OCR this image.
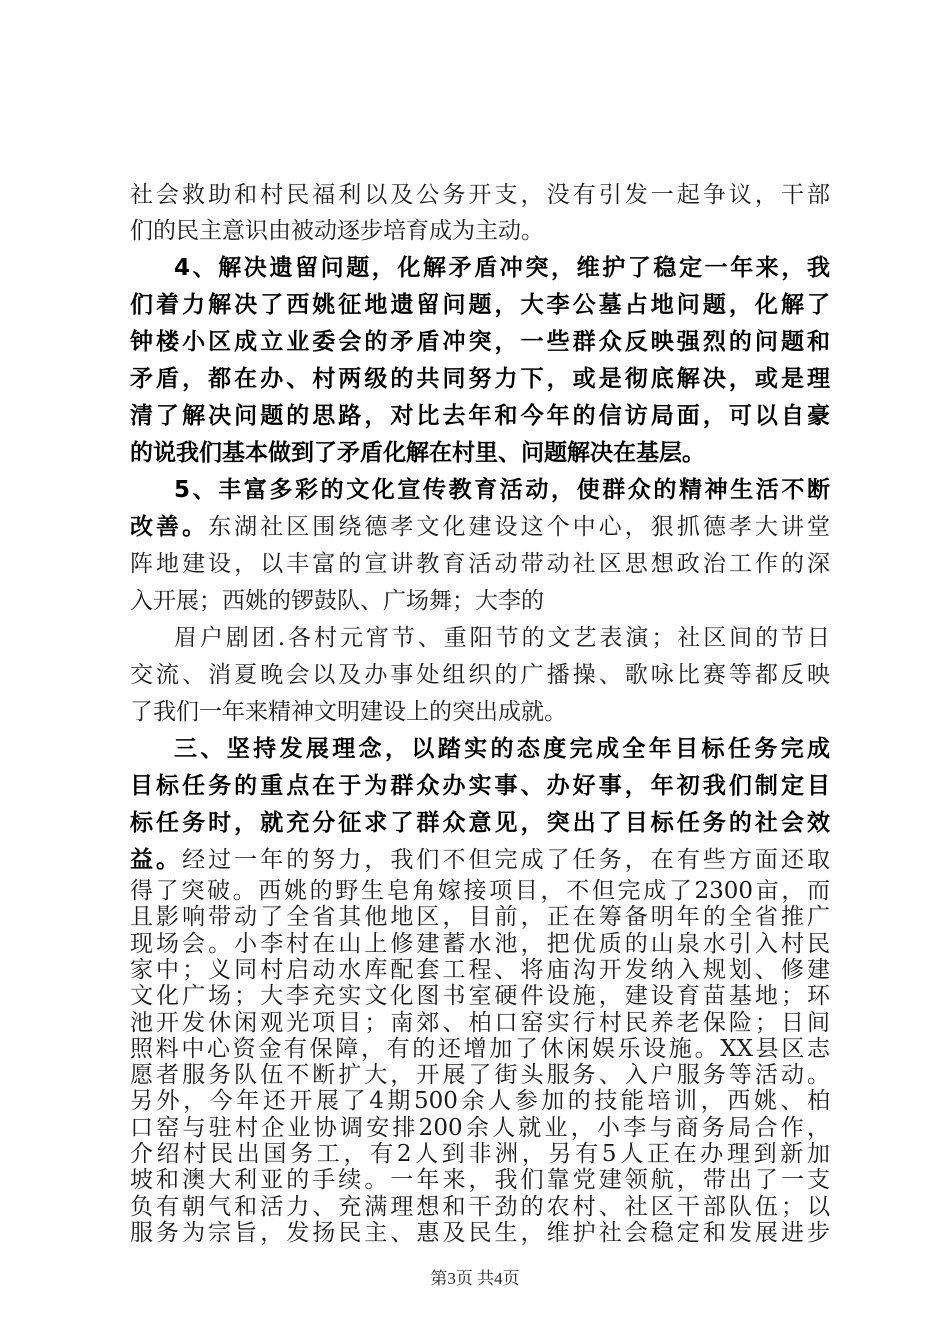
社会救助和村民福利以及公务开支，没有引发一起争议，干部
们的民主意识由被动逐步培育成为主动。
4、解决遗留问题，化解矛盾冲突，维护了稳定一年来，我
们着力解决了西姚征地遗留问题，大李公墓占地问题，化解了
钟楼小区成立业委会的矛盾冲突，一些群众反映强烈的问题和
矛盾，都在办、村两级的共同努力下，或是彻底解决，或是理
清了解决问题的思路，对比去年和今年的信访局面，可以自豪
的说我们基本做到了矛盾化解在村里、问题解决在基层。
5、丰富多彩的文化宣传教育活动，使群众的精神生活不断
改善。东湖社区围绕德孝文化建设这个中心，狠抓德孝大讲堂
阵地建设，以丰富的宣讲教育活动带动社区思想政治工作的深
入开展；西姚的锣鼓队、广场舞；大李的
眉户剧团.各村元宵节、重阳节的文艺表演；社区间的节日
交流、消夏晚会以及办事处组织的广播操、歌咏比赛等都反映
了我们一年来精神文明建设上的突出成就。
三、坚持发展理念，以踏实的态度完成全年目标任务完成
目标任务的重点在于为群众办实事、办好事，年初我们制定目
标任务时，就充分征求了群众意见，突出了目标任务的社会效
益。经过一年的努力，我们不但完成了任务，在有些方面还取
得了突破。西姚的野生皂角嫁接项目，不但完成了2300亩，而
且影响带动了全省其他地区，目前，正在筹备明年的全省推广
现场会。小李村在山上修建蓄水池，把优质的山泉水引入村民
家中；义同村启动水库配套工程、将庙沟开发纳入规划、修建
文化广场；大李充实文化图书室硬件设施，建设育苗基地；环
池开发休闲观光项目；南郊、柏口窑实行村民养老保险；日间
照料中心资金有保障，有的还增加了休闲娱乐设施。XX县区志
愿者服务队伍不断扩大，开展了街头服务、入户服务等活动。
另外，今年还开展了4期500余人参加的技能培训，西姚、柏
口窑与驻村企业协调安排200余人就业，小李与商务局合作，
第3页 共4页
介绍村民出国务工，有2人到非洲，另有5人正在办理到新加
坡和澳大利亚的手续。一年来，我们靠党建领航，带出了一支
负有朝气和活力、充满理想和干劲的农村、社区干部队伍；以
服务为宗旨，发扬民主、惠及民生，维护社会稳定和发展进步
